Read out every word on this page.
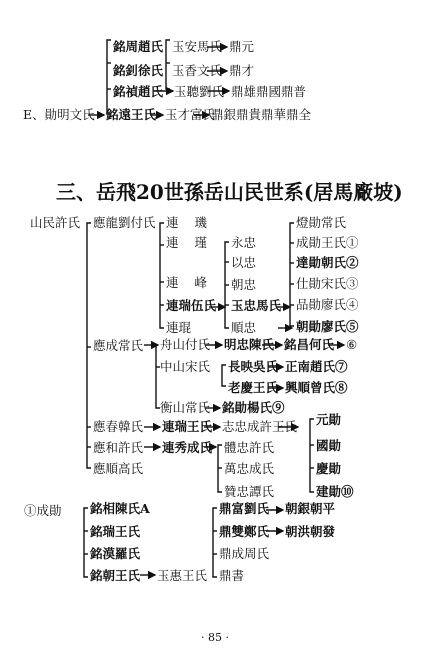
銘周趙氏
銘釗徐氏
銘禎趙氏
玉安馬氏 鼎元
玉香文氏 鼎才
玉聽劉氏 鼎雄鼎國鼎普
E、勛明文氏 銘遠王氏 玉才富氏
鼎銀鼎貴鼎華鼎全
三、岳飛20世孫岳山民世系(居馬廠坡)
山民許氏 應龍劉付氏
應成常氏
應春韓氏
應和許氏
應順高氏
連 璣
連 瑾
連 峰
連瑞伍氏
連琨
永忠
以忠
朝忠
玉忠馬氏
順忠
燈勛常氏
成勛王氏①
達勛朝氏②
仕勛宋氏③
品勛廖氏④
朝勛廖氏⑤
舟山付氏 明忠陳氏 銘昌何氏 ⑥
中山宋氏 長映吳氏 正南趙氏⑦
老慶王氏 興順曾氏⑧
衡山常氏 銘勛楊氏⑨
連瑞王氏 志忠成許王氏
連秀成氏 體忠許氏
萬忠成氏
贊忠譚氏
元勛
國勛
慶勛
建勛⑩
①成勛 銘相陳氏A
銘瑞王氏
銘漠羅氏
銘朝王氏 玉惠王氏
鼎富劉氏 朝銀朝平
鼎雙鄭氏 朝洪朝發
鼎成周氏
鼎書
· 85 ·
